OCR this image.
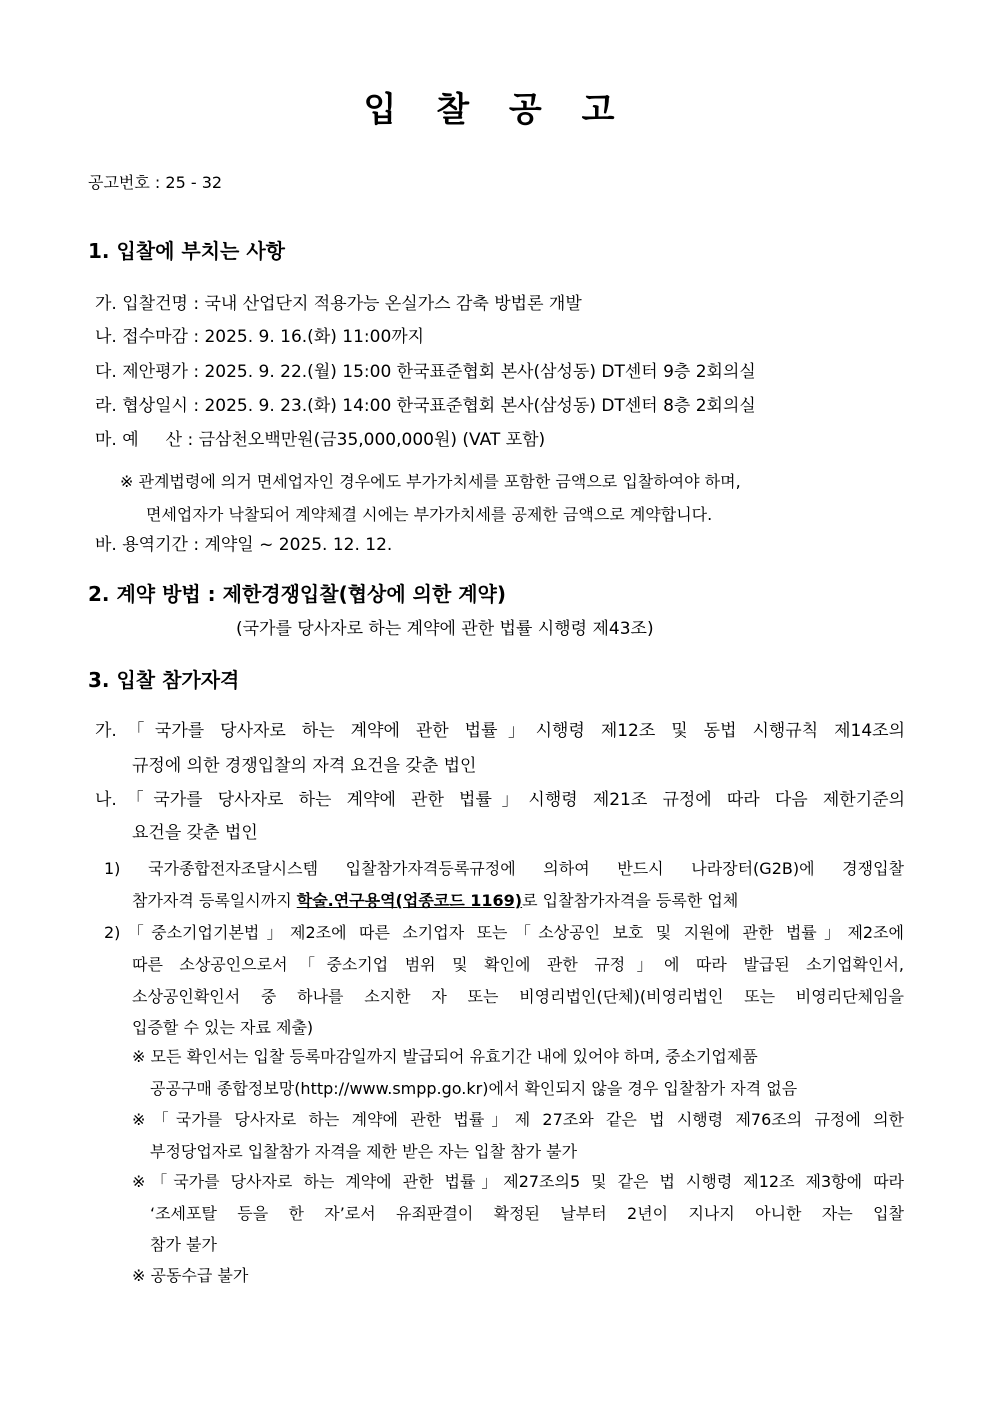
입 찰 공 고
공고번호 : 25 - 32
1. 입찰에 부치는 사항
가. 입찰건명 : 국내 산업단지 적용가능 온실가스 감축 방법론 개발
나. 접수마감 : 2025. 9. 16.(화) 11:00까지
다. 제안평가 : 2025. 9. 22.(월) 15:00 한국표준협회 본사(삼성동) DT센터 9층 2회의실
라. 협상일시 : 2025. 9. 23.(화) 14:00 한국표준협회 본사(삼성동) DT센터 8층 2회의실
마. 예     산 : 금삼천오백만원(금35,000,000원) (VAT 포함)
※ 관계법령에 의거 면세업자인 경우에도 부가가치세를 포함한 금액으로 입찰하여야 하며,
면세업자가 낙찰되어 계약체결 시에는 부가가치세를 공제한 금액으로 계약합니다.
바. 용역기간 : 계약일 ~ 2025. 12. 12.
2. 계약 방법 : 제한경쟁입찰(협상에 의한 계약)
(국가를 당사자로 하는 계약에 관한 법률 시행령 제43조)
3. 입찰 참가자격
가.「국가를 당사자로 하는 계약에 관한 법률」시행령 제12조 및 동법 시행규칙 제14조의
규정에 의한 경쟁입찰의 자격 요건을 갖춘 법인
나.「국가를 당사자로 하는 계약에 관한 법률」시행령 제21조 규정에 따라 다음 제한기준의
요건을 갖춘 법인
1) 국가종합전자조달시스템 입찰참가자격등록규정에 의하여 반드시 나라장터(G2B)에 경쟁입찰
참가자격 등록일시까지 학술.연구용역(업종코드 1169)로 입찰참가자격을 등록한 업체
2)「중소기업기본법」제2조에 따른 소기업자 또는「소상공인 보호 및 지원에 관한 법률」제2조에
따른 소상공인으로서「중소기업 범위 및 확인에 관한 규정」에 따라 발급된 소기업확인서,
소상공인확인서 중 하나를 소지한 자 또는 비영리법인(단체)(비영리법인 또는 비영리단체임을
입증할 수 있는 자료 제출)
※ 모든 확인서는 입찰 등록마감일까지 발급되어 유효기간 내에 있어야 하며, 중소기업제품
공공구매 종합정보망(http://www.smpp.go.kr)에서 확인되지 않을 경우 입찰참가 자격 없음
※「국가를 당사자로 하는 계약에 관한 법률」제 27조와 같은 법 시행령 제76조의 규정에 의한
부정당업자로 입찰참가 자격을 제한 받은 자는 입찰 참가 불가
※「국가를 당사자로 하는 계약에 관한 법률」제27조의5 및 같은 법 시행령 제12조 제3항에 따라
‘조세포탈 등을 한 자’로서 유죄판결이 확정된 날부터 2년이 지나지 아니한 자는 입찰
참가 불가
※ 공동수급 불가
